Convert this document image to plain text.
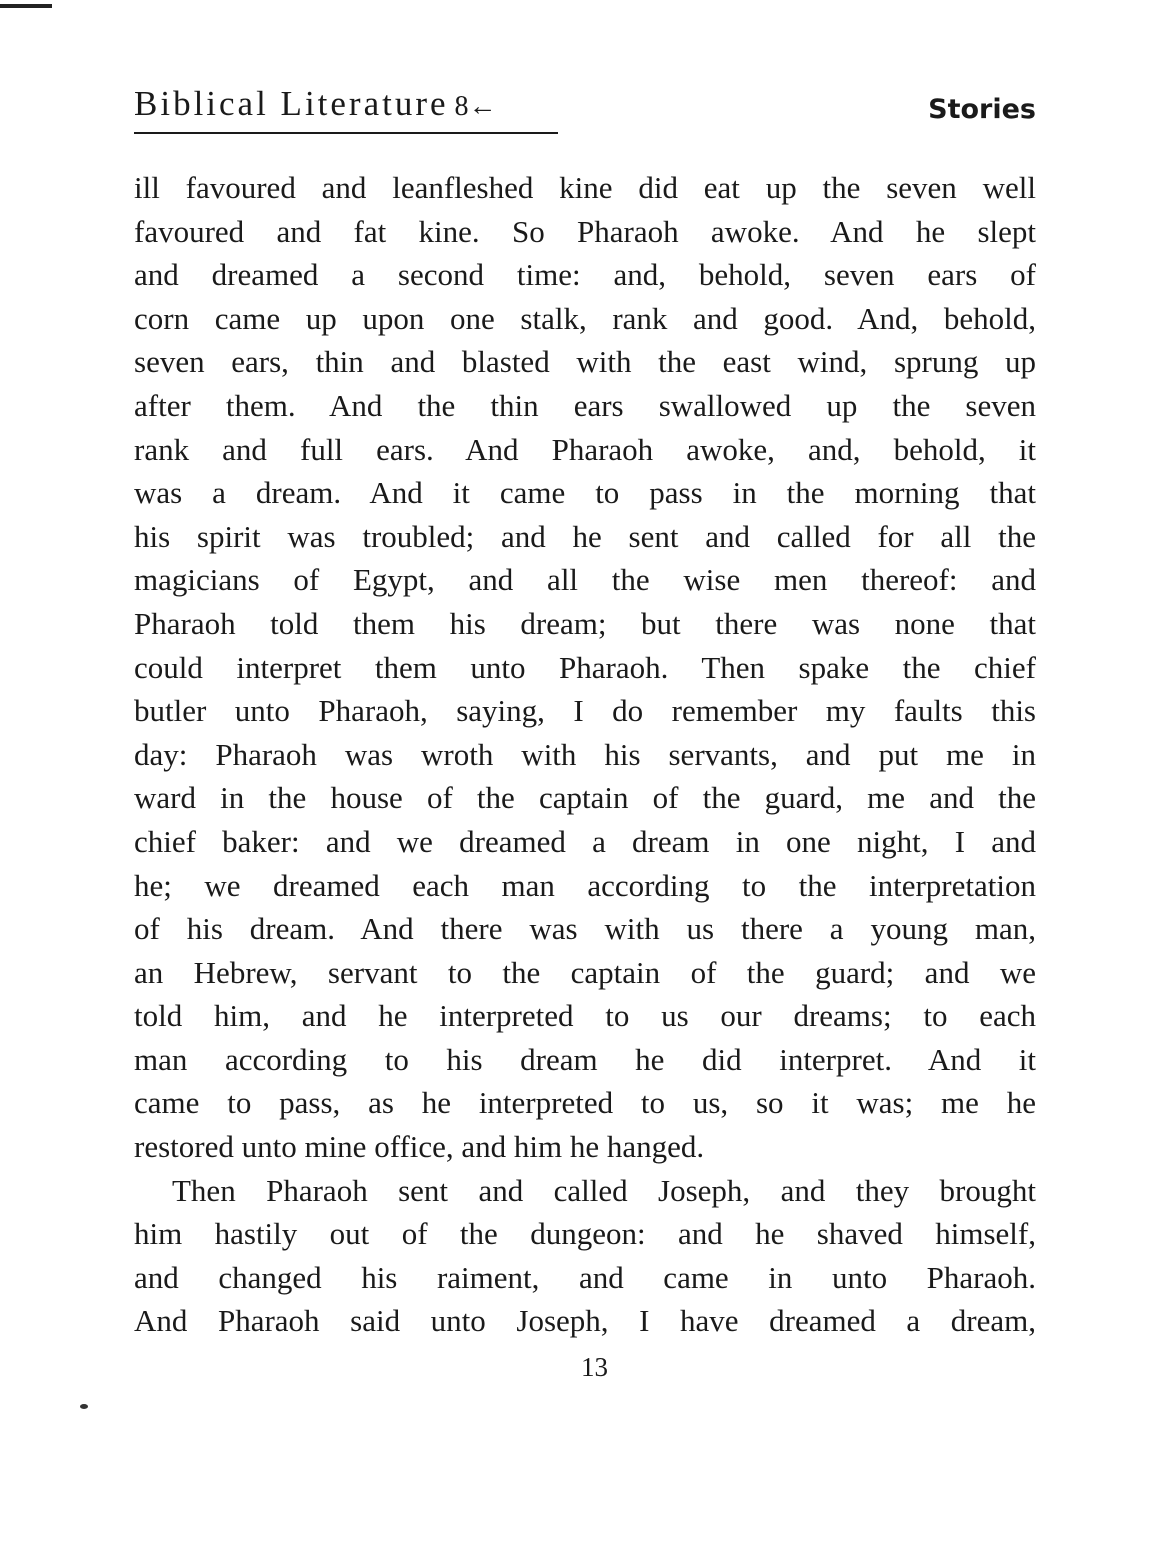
Biblical Literature 8←	Stories
ill favoured and leanfleshed kine did eat up the seven well
favoured and fat kine. So Pharaoh awoke. And he slept
and dreamed a second time: and, behold, seven ears of
corn came up upon one stalk, rank and good. And, behold,
seven ears, thin and blasted with the east wind, sprung up
after them. And the thin ears swallowed up the seven
rank and full ears. And Pharaoh awoke, and, behold, it
was a dream. And it came to pass in the morning that
his spirit was troubled; and he sent and called for all the
magicians of Egypt, and all the wise men thereof: and
Pharaoh told them his dream; but there was none that
could interpret them unto Pharaoh. Then spake the chief
butler unto Pharaoh, saying, I do remember my faults this
day: Pharaoh was wroth with his servants, and put me in
ward in the house of the captain of the guard, me and the
chief baker: and we dreamed a dream in one night, I and
he; we dreamed each man according to the interpretation
of his dream. And there was with us there a young man,
an Hebrew, servant to the captain of the guard; and we
told him, and he interpreted to us our dreams; to each
man according to his dream he did interpret. And it
came to pass, as he interpreted to us, so it was; me he
restored unto mine office, and him he hanged.
Then Pharaoh sent and called Joseph, and they brought
him hastily out of the dungeon: and he shaved himself,
and changed his raiment, and came in unto Pharaoh.
And Pharaoh said unto Joseph, I have dreamed a dream,
13
